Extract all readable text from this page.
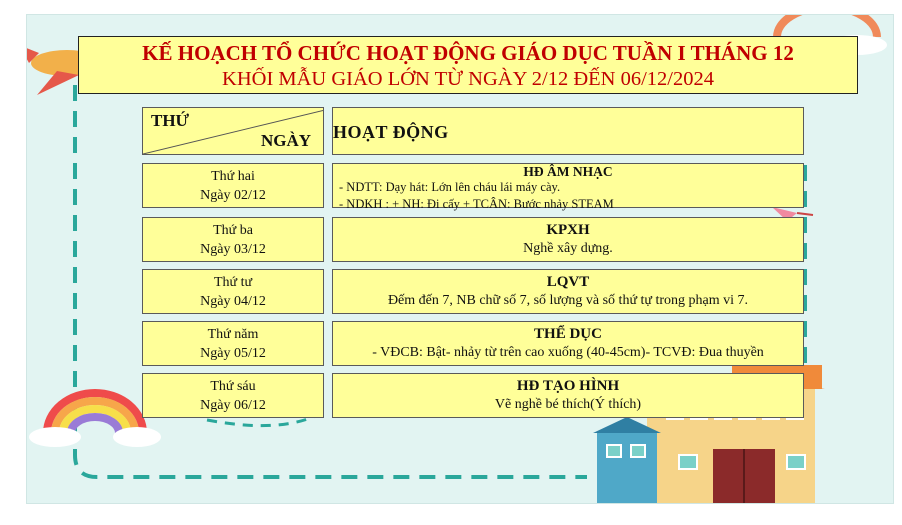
KẾ HOẠCH TỔ CHỨC HOẠT ĐỘNG GIÁO DỤC TUẦN I THÁNG 12
KHỐI MẪU GIÁO LỚN TỪ NGÀY 2/12 ĐẾN 06/12/2024
THỨ
NGÀY HOẠT ĐỘNG
Thứ hai
Ngày 02/12
HĐ ÂM NHẠC
- NDTT: Dạy hát: Lớn lên cháu lái máy cày.
- NDKH : + NH: Đi cấy + TCÂN: Bước nhảy STEAM
Thứ ba
Ngày 03/12
KPXH
Nghề xây dựng.
Thứ tư
Ngày 04/12
LQVT
Đếm đến 7, NB chữ số 7, số lượng và số thứ tự trong phạm vi 7.
Thứ năm
Ngày 05/12
THỂ DỤC
- VĐCB: Bật- nhảy từ trên cao xuống (40-45cm)- TCVĐ: Đua thuyền
Thứ sáu
Ngày 06/12
HĐ TẠO HÌNH
Vẽ nghề bé thích(Ý thích)
